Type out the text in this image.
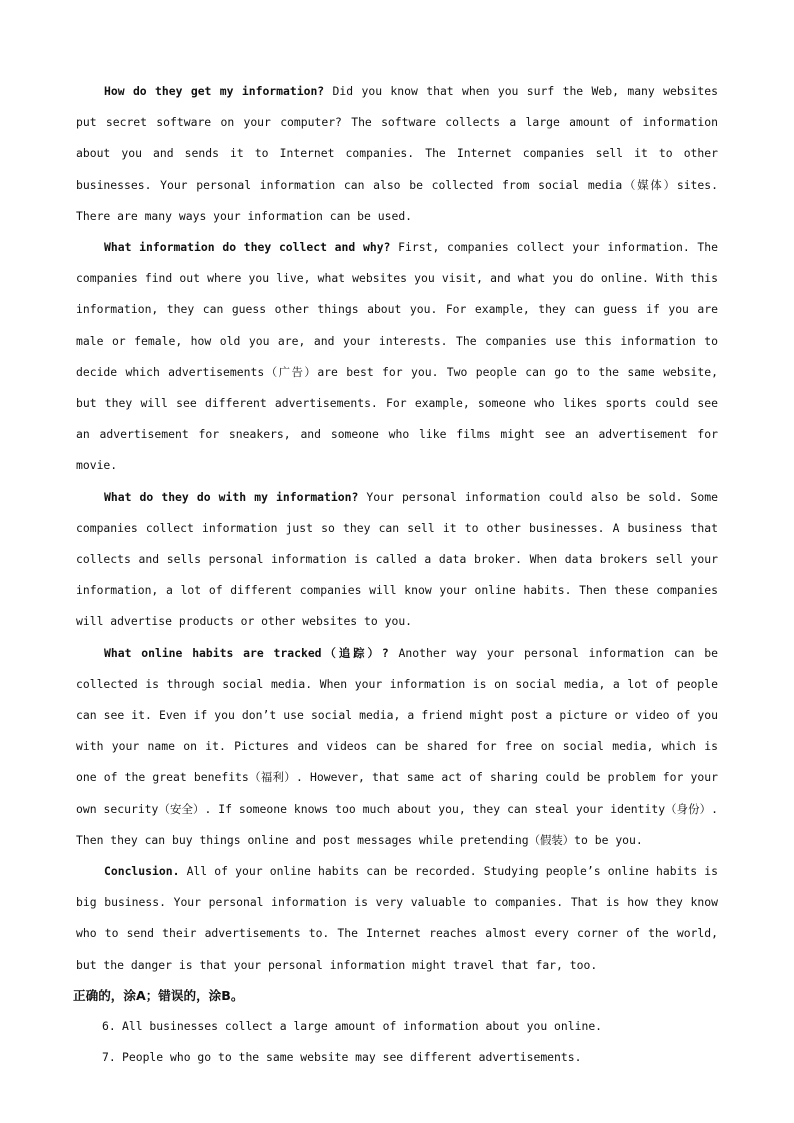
How do they get my information? Did you know that when you surf the Web, many websites put secret software on your computer? The software collects a large amount of information about you and sends it to Internet companies. The Internet companies sell it to other businesses. Your personal information can also be collected from social media（媒体）sites. There are many ways your information can be used.

What information do they collect and why? First, companies collect your information. The companies find out where you live, what websites you visit, and what you do online. With this information, they can guess other things about you. For example, they can guess if you are male or female, how old you are, and your interests. The companies use this information to decide which advertisements（广告）are best for you. Two people can go to the same website, but they will see different advertisements. For example, someone who likes sports could see an advertisement for sneakers, and someone who like films might see an advertisement for movie.

What do they do with my information? Your personal information could also be sold. Some companies collect information just so they can sell it to other businesses. A business that collects and sells personal information is called a data broker. When data brokers sell your information, a lot of different companies will know your online habits. Then these companies will advertise products or other websites to you.

What online habits are tracked（追踪）? Another way your personal information can be collected is through social media. When your information is on social media, a lot of people can see it. Even if you don’t use social media, a friend might post a picture or video of you with your name on it. Pictures and videos can be shared for free on social media, which is one of the great benefits（福利）. However, that same act of sharing could be problem for your own security（安全）. If someone knows too much about you, they can steal your identity（身份）. Then they can buy things online and post messages while pretending（假装）to be you.

Conclusion. All of your online habits can be recorded. Studying people’s online habits is big business. Your personal information is very valuable to companies. That is how they know who to send their advertisements to. The Internet reaches almost every corner of the world, but the danger is that your personal information might travel that far, too.

正确的，涂A；错误的，涂B。

6. All businesses collect a large amount of information about you online.

7. People who go to the same website may see different advertisements.
